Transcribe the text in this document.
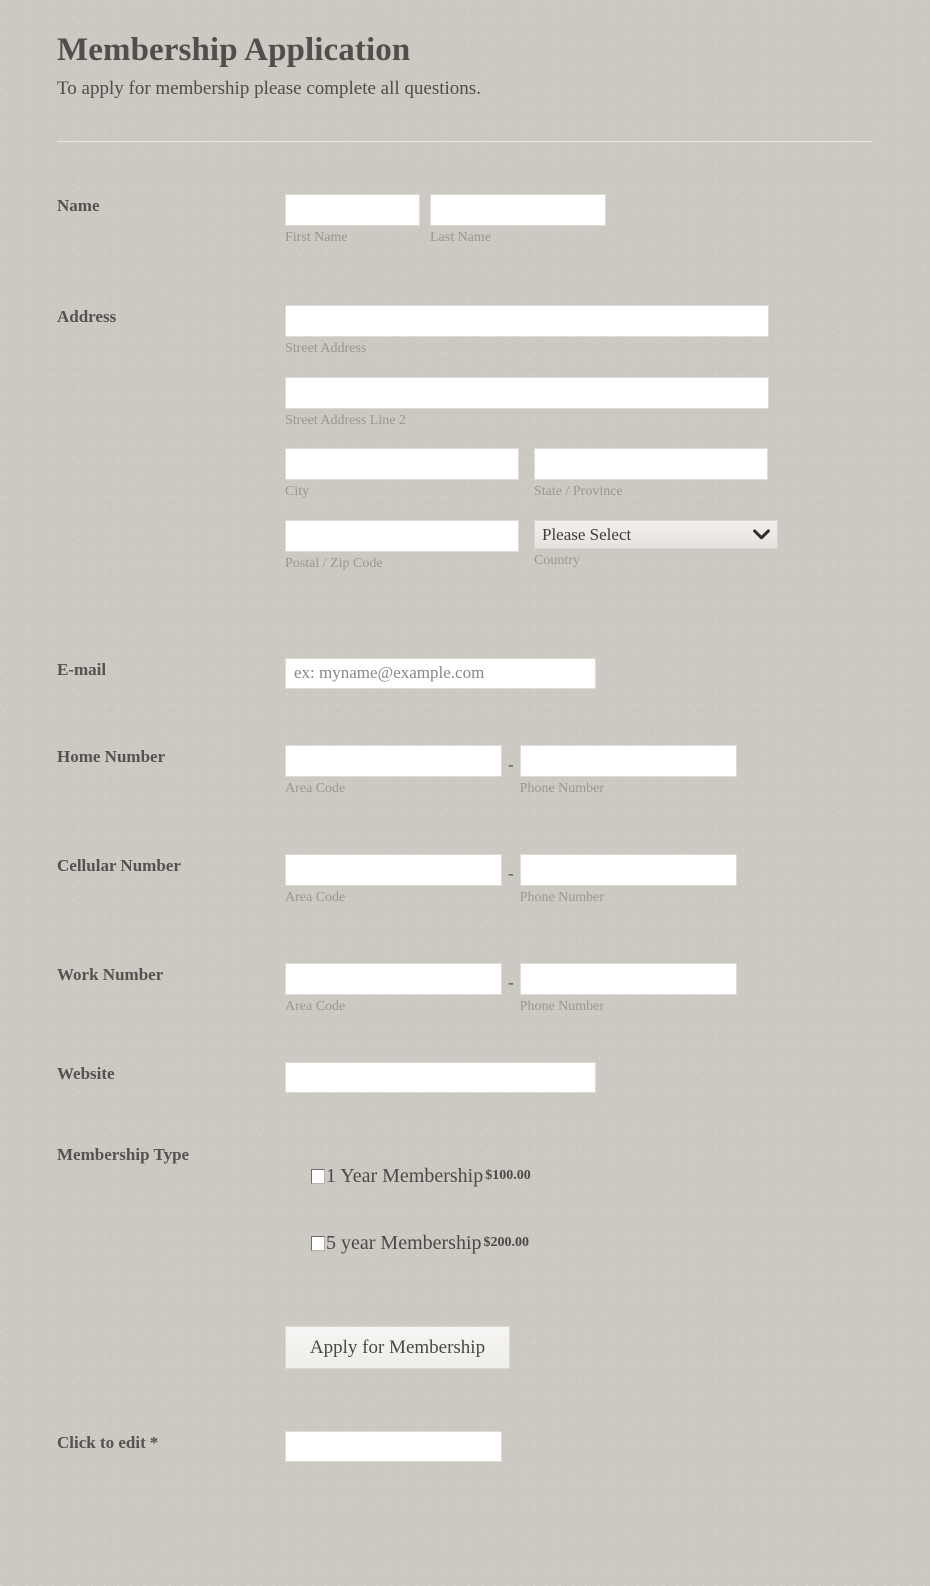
Membership Application

To apply for membership please complete all questions.

Name
First Name	Last Name
Address
Street Address
Street Address Line 2
City	State / Province
Postal / Zip Code
Please Select	Country
E-mail
ex: myname@example.com
Home Number
Area Code
-
Phone Number
Cellular Number
Area Code
-
Phone Number
Work Number
Area Code
-
Phone Number
Website
Membership Type
1 Year Membership $100.00
5 year Membership $200.00
Apply for Membership
Click to edit *
